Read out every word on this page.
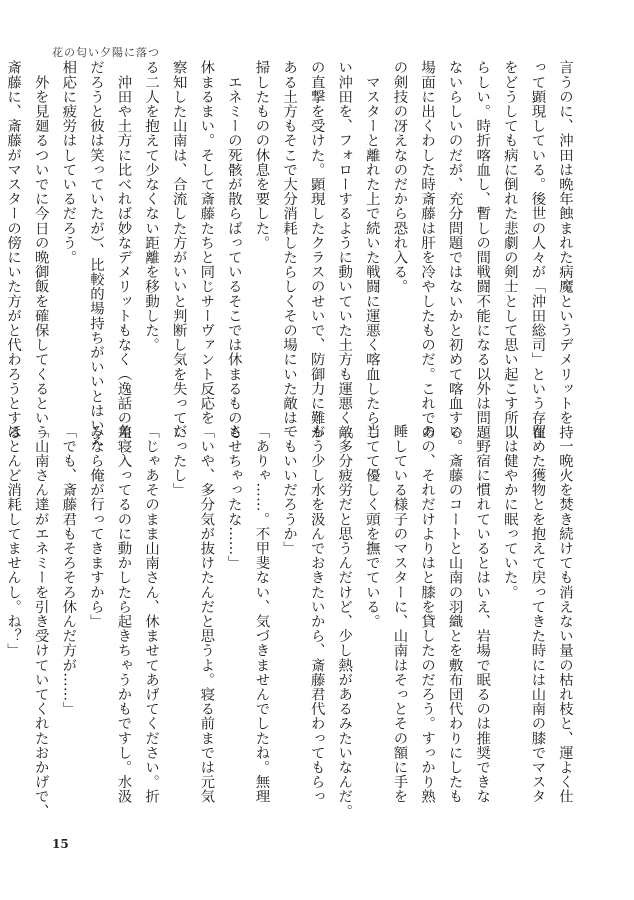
花の匂い夕陽に落つ
言うのに、沖田は晩年蝕まれた病魔というデメリットを持
って顕現している。後世の人々が「沖田総司」という存在
をどうしても病に倒れた悲劇の剣士として思い起こす所以
らしい。時折喀血し、暫しの間戦闘不能になる以外は問題
ないらしいのだが、充分問題ではないかと初めて喀血する
場面に出くわした時斎藤は肝を冷やしたものだ。これであ
の剣技の冴えなのだから恐れ入る。
　マスターと離れた上で続いた戦闘に運悪く喀血したらし
い沖田を、フォローするように動いていた土方も運悪く敵
の直撃を受けた。顕現したクラスのせいで、防御力に難が
ある土方もそこで大分消耗したらしくその場にいた敵は一
掃したものの休息を要した。
　エネミーの死骸が散らばっているそこでは休まるものも
休まるまい。そして斎藤たちと同じサーヴァント反応を
察知した山南は、合流した方がいいと判断し気を失ってい
る二人を抱えて少なくない距離を移動した。
　沖田や土方に比べれば妙なデメリットもなく（逸話の差
だろうと彼は笑っていたが）、比較的場持ちがいいとはいえ
相応に疲労はしているだろう。
　外を見廻るついでに今日の晩御飯を確保してくるという
斎藤に、斎藤がマスターの傍にいた方がと代わろうとする
　一晩火を焚き続けても消えない量の枯れ枝と、運よく仕
留めた獲物とを抱えて戻ってきた時には山南の膝でマスタ
ーは健やかに眠っていた。
　野宿に慣れているとはいえ、岩場で眠るのは推奨できな
い。斎藤のコートと山南の羽織とを敷布団代わりにしたも
のの、それだけよりはと膝を貸したのだろう。すっかり熟
睡している様子のマスターに、山南はそっとその額に手を
当てて優しく頭を撫でている。
「多分疲労だと思うんだけど、少し熱があるみたいなんだ。
もう少し水を汲んでおきたいから、斎藤君代わってもらっ
てもいいだろうか」
「ありゃ……。不甲斐ない、気づきませんでしたね。無理
させちゃったな……」
「いや、多分気が抜けたんだと思うよ。寝る前までは元気
だったし」
「じゃあそのまま山南さん、休ませてあげてください。折
角寝入ってるのに動かしたら起きちゃうかもですし。水汲
みなら俺が行ってきますから」
「でも、斎藤君もそろそろ休んだ方が……」
「山南さん達がエネミーを引き受けていてくれたおかげで、
ほとんど消耗してませんし。ね？」
15
